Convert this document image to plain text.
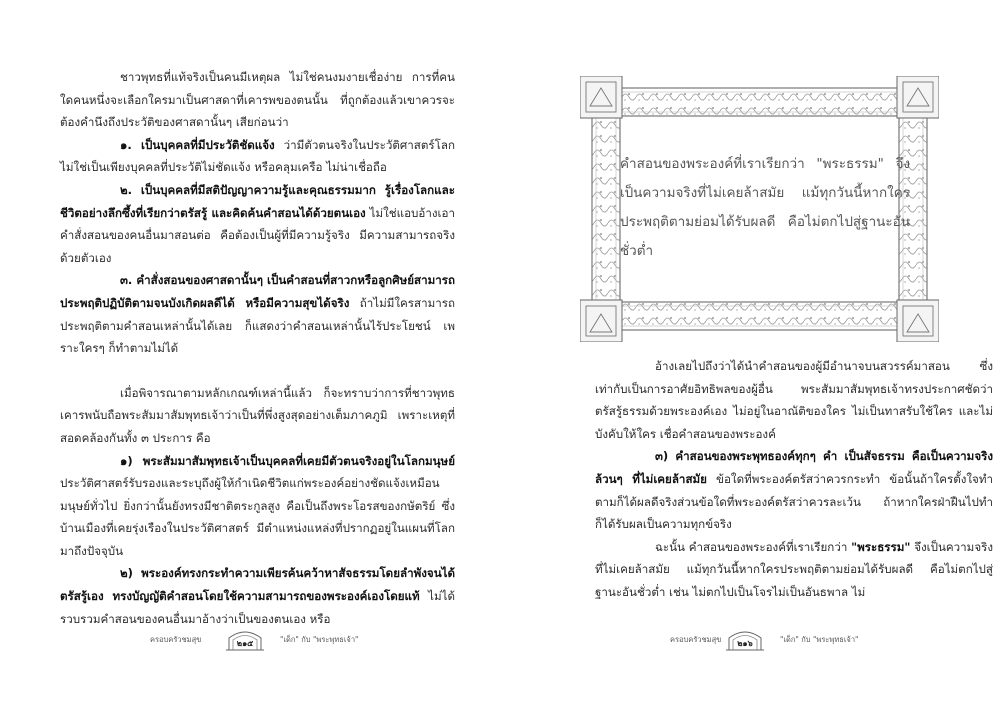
ชาวพุทธที่แท้จริงเป็นคนมีเหตุผล ไม่ใช่คนงมงายเชื่อง่าย การที่คนใดคนหนึ่งจะเลือกใครมาเป็นศาสดาที่เคารพของตนนั้น ที่ถูกต้องแล้วเขาควรจะต้องคำนึงถึงประวัติของศาสดานั้นๆ เสียก่อนว่า

๑. เป็นบุคคลที่มีประวัติชัดแจ้ง ว่ามีตัวตนจริงในประวัติศาสตร์โลก ไม่ใช่เป็นเพียงบุคคลที่ประวัติไม่ชัดแจ้ง หรือคลุมเครือ ไม่น่าเชื่อถือ

๒. เป็นบุคคลที่มีสติปัญญาความรู้และคุณธรรมมาก รู้เรื่องโลกและชีวิตอย่างลึกซึ้งที่เรียกว่าตรัสรู้ และคิดค้นคำสอนได้ด้วยตนเอง ไม่ใช่แอบอ้างเอาคำสั่งสอนของคนอื่นมาสอนต่อ คือต้องเป็นผู้ที่มีความรู้จริง มีความสามารถจริงด้วยตัวเอง

๓. คำสั่งสอนของศาสดานั้นๆ เป็นคำสอนที่สาวกหรือลูกศิษย์สามารถประพฤติปฏิบัติตามจนบังเกิดผลดีได้ หรือมีความสุขได้จริง ถ้าไม่มีใครสามารถประพฤติตามคำสอนเหล่านั้นได้เลย ก็แสดงว่าคำสอนเหล่านั้นไร้ประโยชน์ เพราะใครๆ ก็ทำตามไม่ได้

เมื่อพิจารณาตามหลักเกณฑ์เหล่านี้แล้ว ก็จะทราบว่าการที่ชาวพุทธเคารพนับถือพระสัมมาสัมพุทธเจ้าว่าเป็นที่พึ่งสูงสุดอย่างเต็มภาคภูมิ เพราะเหตุที่สอดคล้องกันทั้ง ๓ ประการ คือ

๑) พระสัมมาสัมพุทธเจ้าเป็นบุคคลที่เคยมีตัวตนจริงอยู่ในโลกมนุษย์ ประวัติศาสตร์รับรองและระบุถึงผู้ให้กำเนิดชีวิตแก่พระองค์อย่างชัดแจ้งเหมือนมนุษย์ทั่วไป ยิ่งกว่านั้นยังทรงมีชาติตระกูลสูง คือเป็นถึงพระโอรสของกษัตริย์ ซึ่งบ้านเมืองที่เคยรุ่งเรืองในประวัติศาสตร์ มีตำแหน่งแหล่งที่ปรากฏอยู่ในแผนที่โลกมาถึงปัจจุบัน

๒) พระองค์ทรงกระทำความเพียรค้นคว้าหาสัจธรรมโดยลำพังจนได้ตรัสรู้เอง ทรงบัญญัติคำสอนโดยใช้ความสามารถของพระองค์เองโดยแท้ ไม่ได้รวบรวมคำสอนของคนอื่นมาอ้างว่าเป็นของตนเอง หรือ

ครอบครัวชมสุข	๒๑๕	"เด็ก" กับ "พระพุทธเจ้า"

อ้างเลยไปถึงว่าได้นำคำสอนของผู้มีอำนาจบนสวรรค์มาสอน ซึ่งเท่ากับเป็นการอาศัยอิทธิพลของผู้อื่น พระสัมมาสัมพุทธเจ้าทรงประกาศชัดว่าตรัสรู้ธรรมด้วยพระองค์เอง ไม่อยู่ในอาณัติของใคร ไม่เป็นทาสรับใช้ใคร และไม่บังคับให้ใคร เชื่อคำสอนของพระองค์

๓) คำสอนของพระพุทธองค์ทุกๆ คำ เป็นสัจธรรม คือเป็นความจริงล้วนๆ ที่ไม่เคยล้าสมัย ข้อใดที่พระองค์ตรัสว่าควรกระทำ ข้อนั้นถ้าใครตั้งใจทำตามก็ได้ผลดีจริงส่วนข้อใดที่พระองค์ตรัสว่าควรละเว้น ถ้าหากใครฝ่าฝืนไปทำ ก็ได้รับผลเป็นความทุกข์จริง

ฉะนั้น คำสอนของพระองค์ที่เราเรียกว่า "พระธรรม" จึงเป็นความจริงที่ไม่เคยล้าสมัย แม้ทุกวันนี้หากใครประพฤติตามย่อมได้รับผลดี คือไม่ตกไปสู่ฐานะอันชั่วต่ำ เช่น ไม่ตกไปเป็นโจรไม่เป็นอันธพาล ไม่

ครอบครัวชมสุข	๒๑๖	"เด็ก" กับ "พระพุทธเจ้า"
คำสอนของพระองค์ที่เราเรียกว่า "พระธรรม" จึงเป็นความจริงที่ไม่เคยล้าสมัย แม้ทุกวันนี้หากใครประพฤติตามย่อมได้รับผลดี คือไม่ตกไปสู่ฐานะอันชั่วต่ำ
